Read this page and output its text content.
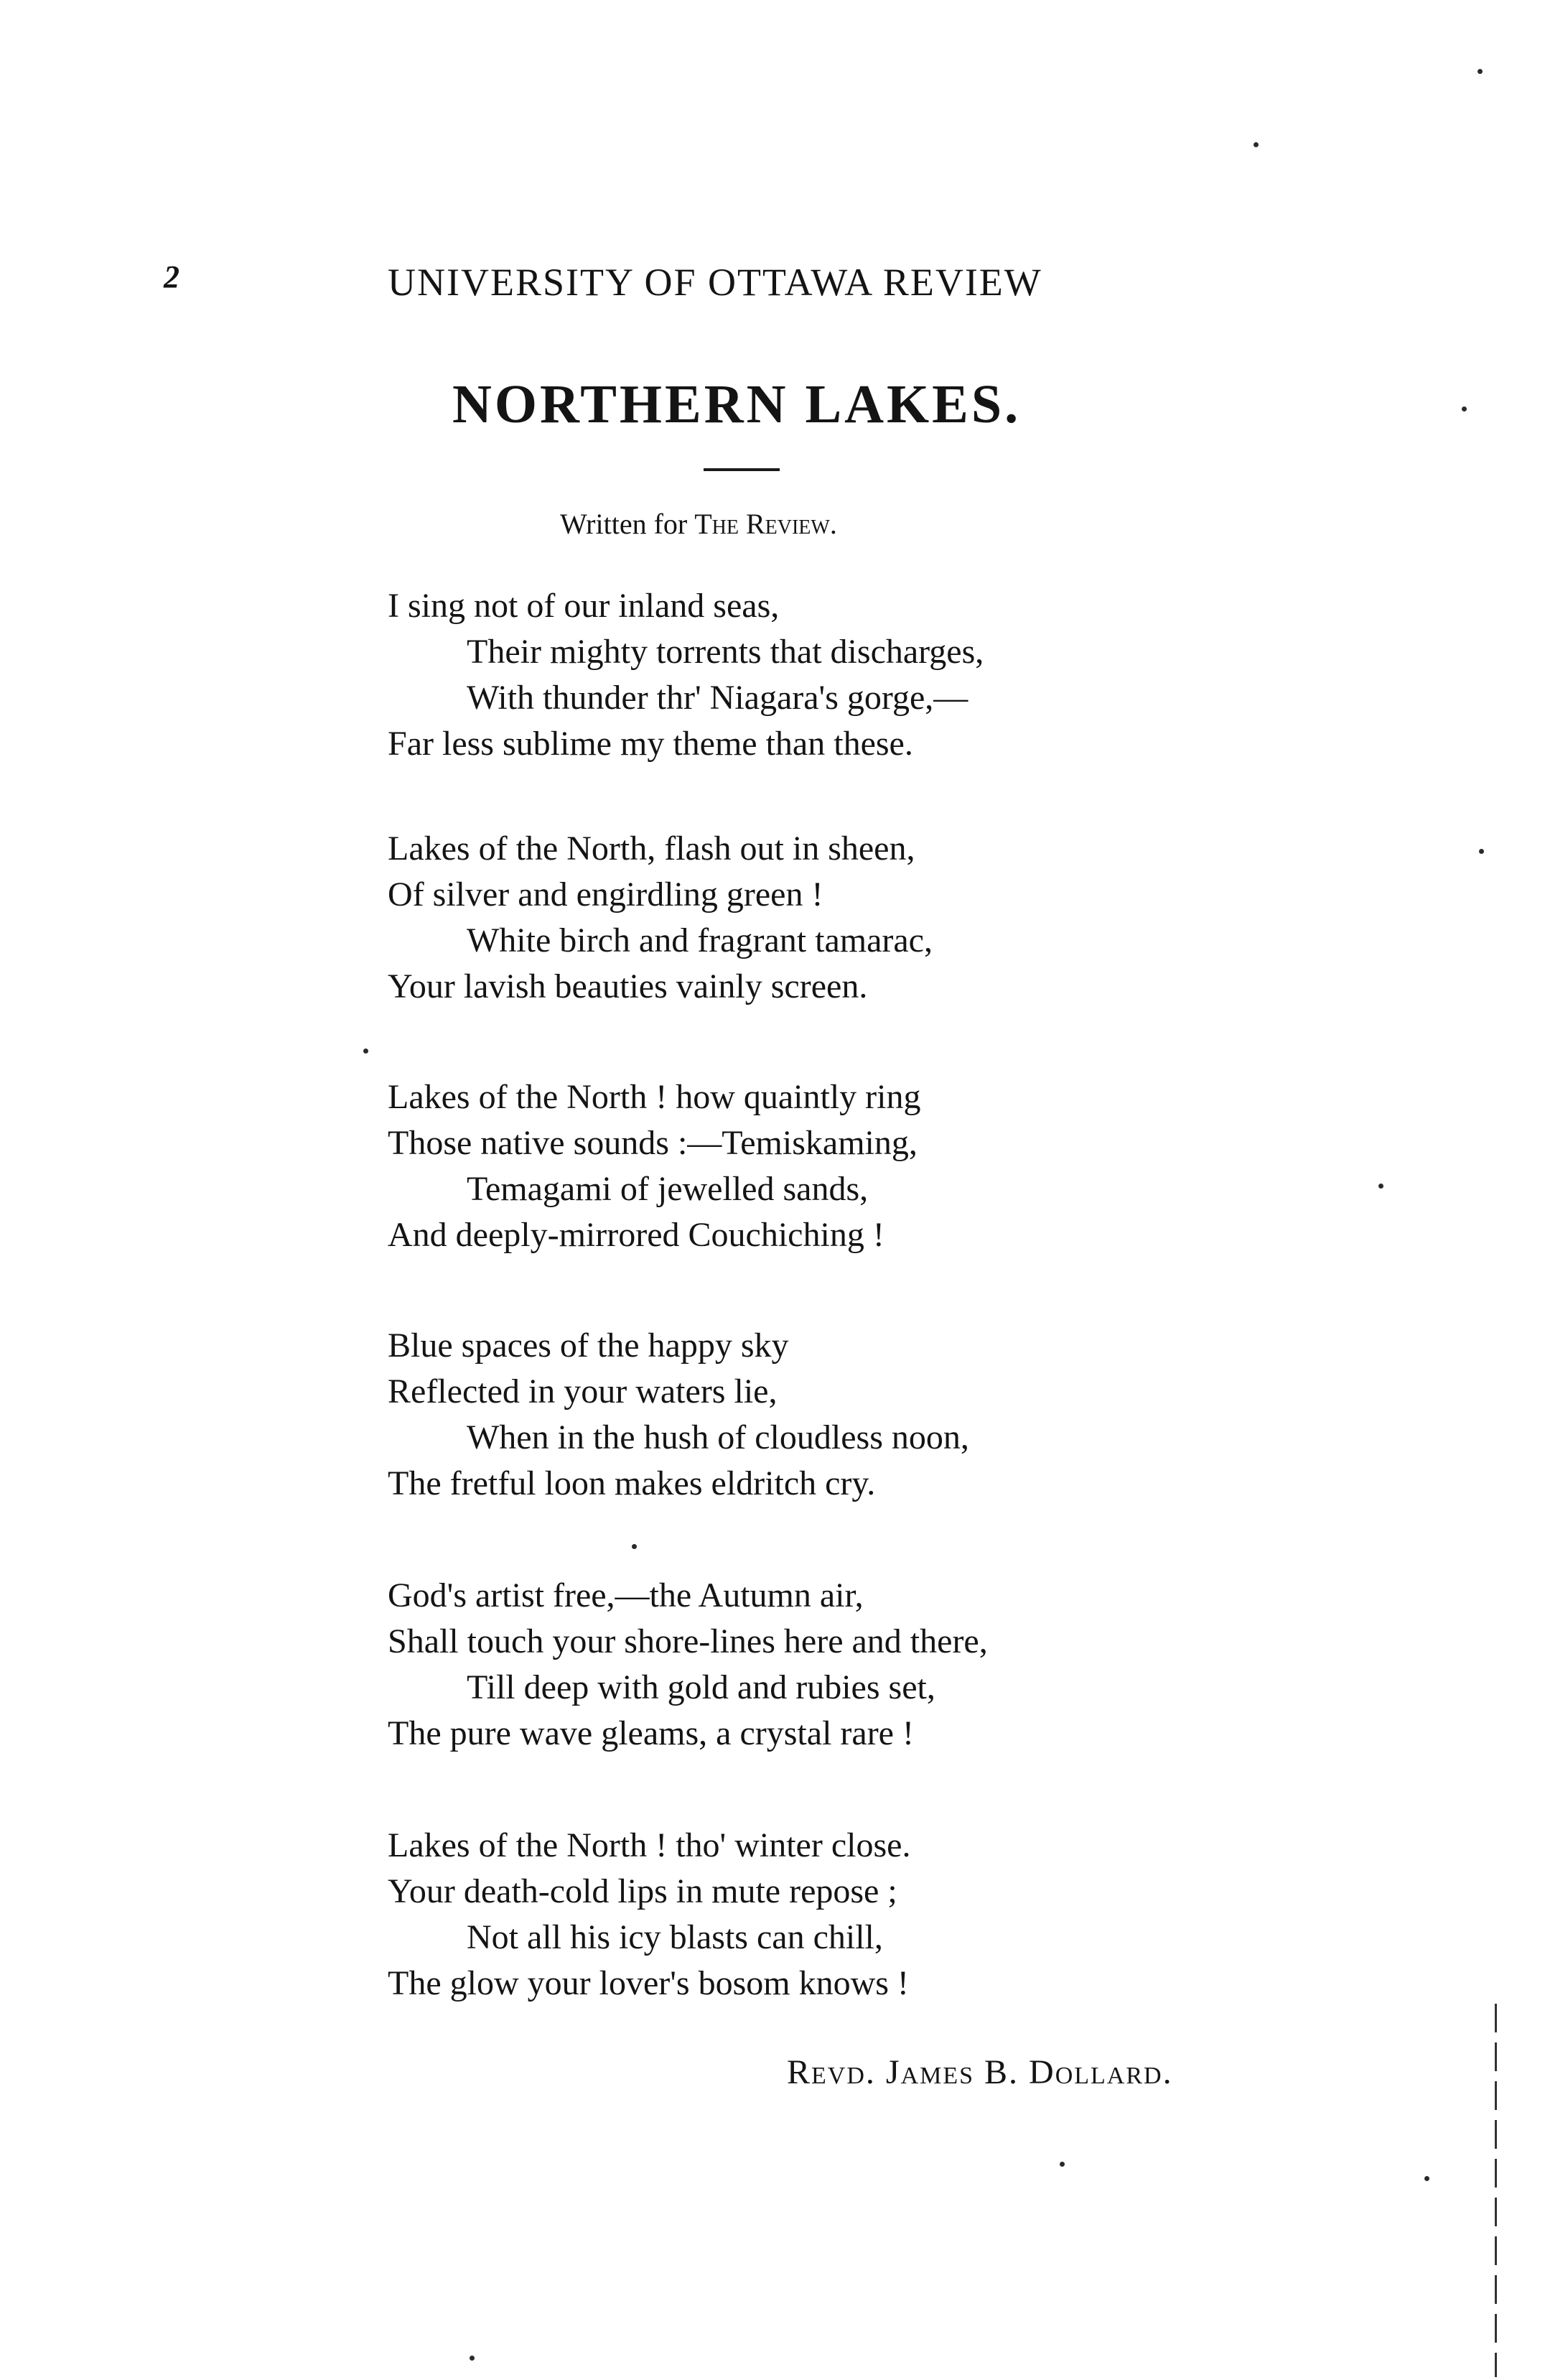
2	UNIVERSITY OF OTTAWA REVIEW
NORTHERN LAKES.
Written for The Review.
I sing not of our inland seas,
Their mighty torrents that discharges,
With thunder thr' Niagara's gorge,—
Far less sublime my theme than these.
Lakes of the North, flash out in sheen,
Of silver and engirdling green !
White birch and fragrant tamarac,
Your lavish beauties vainly screen.
Lakes of the North ! how quaintly ring
Those native sounds :—Temiskaming,
Temagami of jewelled sands,
And deeply-mirrored Couchiching !
Blue spaces of the happy sky
Reflected in your waters lie,
When in the hush of cloudless noon,
The fretful loon makes eldritch cry.
God's artist free,—the Autumn air,
Shall touch your shore-lines here and there,
Till deep with gold and rubies set,
The pure wave gleams, a crystal rare !
Lakes of the North ! tho' winter close.
Your death-cold lips in mute repose ;
Not all his icy blasts can chill,
The glow your lover's bosom knows !
Revd. James B. Dollard.
